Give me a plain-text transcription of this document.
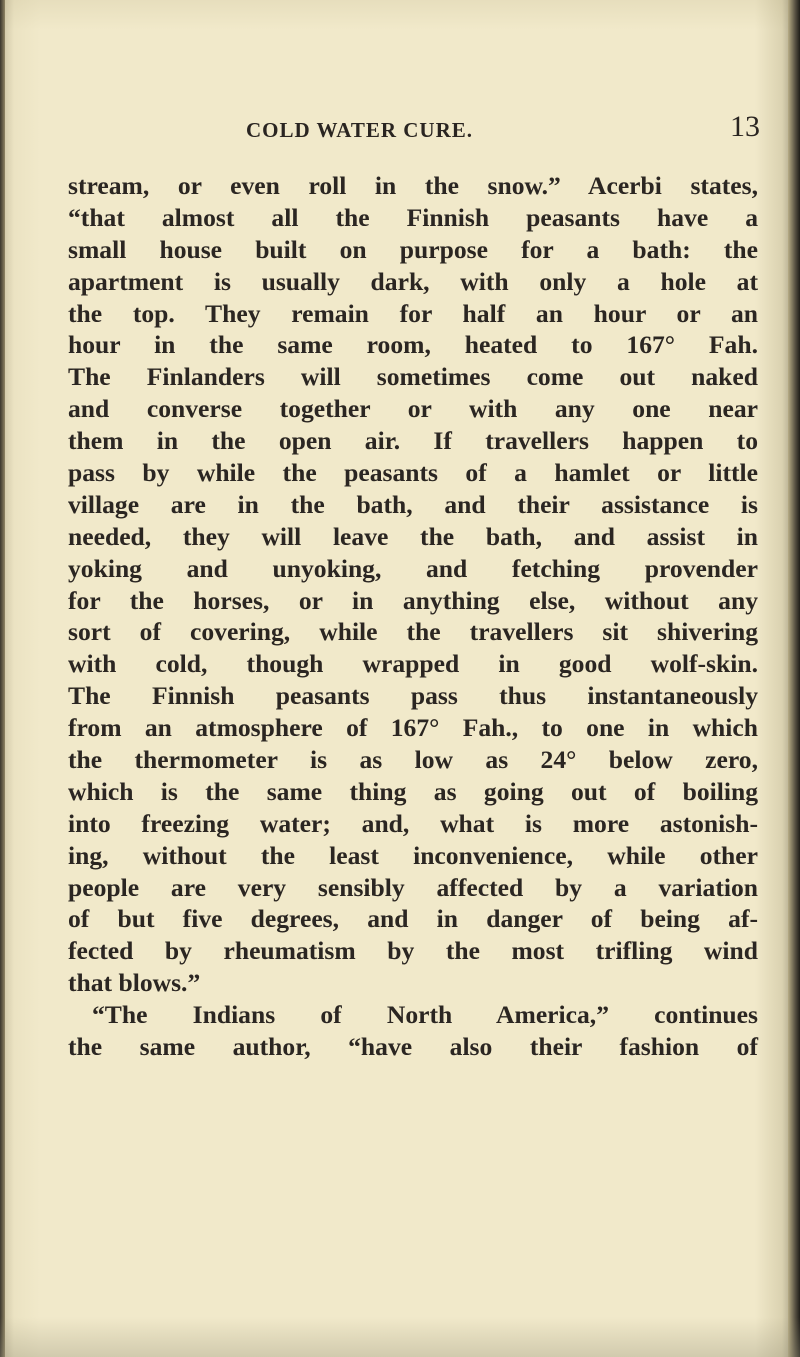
COLD WATER CURE.	13
stream, or even roll in the snow.” Acerbi states,
“that almost all the Finnish peasants have a
small house built on purpose for a bath: the
apartment is usually dark, with only a hole at
the top. They remain for half an hour or an
hour in the same room, heated to 167° Fah.
The Finlanders will sometimes come out naked
and converse together or with any one near
them in the open air. If travellers happen to
pass by while the peasants of a hamlet or little
village are in the bath, and their assistance is
needed, they will leave the bath, and assist in
yoking and unyoking, and fetching provender
for the horses, or in anything else, without any
sort of covering, while the travellers sit shivering
with cold, though wrapped in good wolf-skin.
The Finnish peasants pass thus instantaneously
from an atmosphere of 167° Fah., to one in which
the thermometer is as low as 24° below zero,
which is the same thing as going out of boiling
into freezing water; and, what is more astonish-
ing, without the least inconvenience, while other
people are very sensibly affected by a variation
of but five degrees, and in danger of being af-
fected by rheumatism by the most trifling wind
that blows.”
“The Indians of North America,” continues
the same author, “have also their fashion of
